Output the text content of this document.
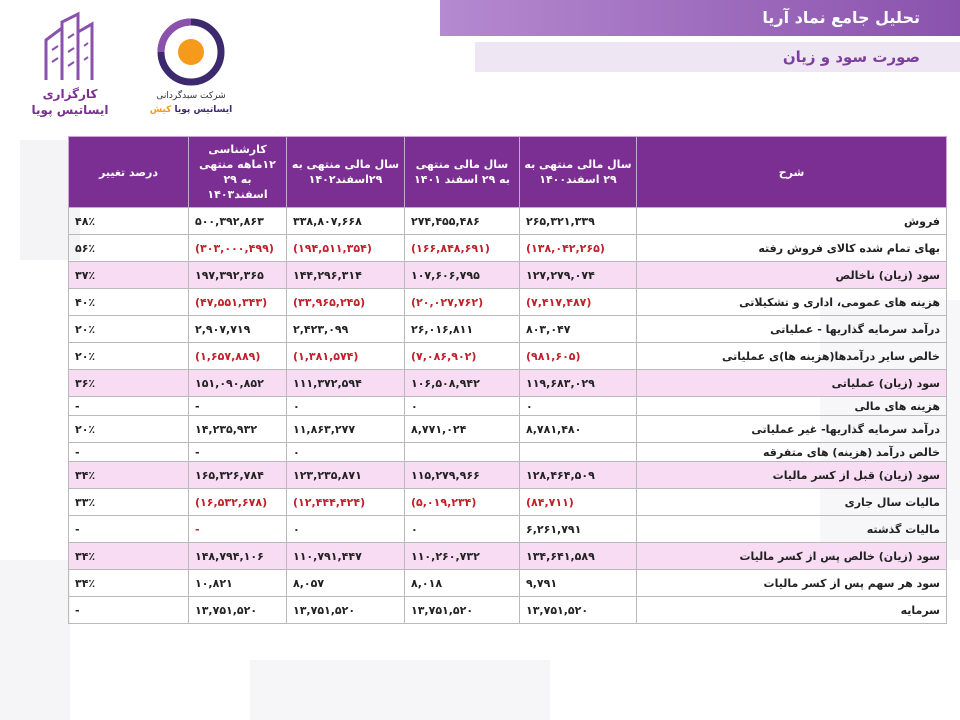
کارگزاری
ایساتیس پویا
شرکت سبدگردانی
ایساتیس پویا کیش
تحلیل جامع نماد آریا
صورت سود و زیان
شرح	سال مالی منتهی به ۲۹ اسفند۱۴۰۰	سال مالی منتهی به ۲۹ اسفند ۱۴۰۱	سال مالی منتهی به ۲۹اسفند۱۴۰۲	کارشناسی ۱۲ماهه منتهی به ۲۹ اسفند۱۴۰۳	درصد تغییر
فروش	۲۶۵,۳۲۱,۳۳۹	۲۷۴,۴۵۵,۴۸۶	۳۳۸,۸۰۷,۶۶۸	۵۰۰,۳۹۲,۸۶۳	۴۸٪
بهای تمام شده کالای فروش رفته	(۱۳۸,۰۴۲,۲۶۵)	(۱۶۶,۸۴۸,۶۹۱)	(۱۹۴,۵۱۱,۳۵۴)	(۳۰۳,۰۰۰,۴۹۹)	۵۶٪
سود (زیان) ناخالص	۱۲۷,۲۷۹,۰۷۴	۱۰۷,۶۰۶,۷۹۵	۱۴۴,۲۹۶,۳۱۴	۱۹۷,۳۹۲,۳۶۵	۳۷٪
هزینه های عمومی، اداری و تشکیلاتی	(۷,۴۱۷,۴۸۷)	(۲۰,۰۲۷,۷۶۲)	(۳۳,۹۶۵,۲۴۵)	(۴۷,۵۵۱,۳۴۳)	۴۰٪
درآمد سرمایه گذاریها - عملیاتی	۸۰۳,۰۴۷	۲۶,۰۱۶,۸۱۱	۲,۴۲۳,۰۹۹	۲,۹۰۷,۷۱۹	۲۰٪
خالص سایر درآمدها(هزینه ها)ی عملیاتی	(۹۸۱,۶۰۵)	(۷,۰۸۶,۹۰۲)	(۱,۳۸۱,۵۷۴)	(۱,۶۵۷,۸۸۹)	۲۰٪
سود (زیان) عملیاتی	۱۱۹,۶۸۳,۰۲۹	۱۰۶,۵۰۸,۹۴۲	۱۱۱,۳۷۲,۵۹۴	۱۵۱,۰۹۰,۸۵۲	۳۶٪
هزینه های مالی	۰	۰	۰	-	-
درآمد سرمایه گذاریها- غیر عملیاتی	۸,۷۸۱,۴۸۰	۸,۷۷۱,۰۲۴	۱۱,۸۶۳,۲۷۷	۱۴,۲۳۵,۹۳۲	۲۰٪
خالص درآمد (هزینه) های متفرقه			۰	-	-
سود (زیان) قبل از کسر مالیات	۱۲۸,۴۶۴,۵۰۹	۱۱۵,۲۷۹,۹۶۶	۱۲۳,۲۳۵,۸۷۱	۱۶۵,۳۲۶,۷۸۴	۳۴٪
مالیات سال جاری	(۸۴,۷۱۱)	(۵,۰۱۹,۲۳۴)	(۱۲,۴۴۴,۴۲۴)	(۱۶,۵۳۲,۶۷۸)	۳۳٪
مالیات گذشته	۶,۲۶۱,۷۹۱	۰	۰	-	-
سود (زیان) خالص پس از کسر مالیات	۱۳۴,۶۴۱,۵۸۹	۱۱۰,۲۶۰,۷۳۲	۱۱۰,۷۹۱,۴۴۷	۱۴۸,۷۹۴,۱۰۶	۳۴٪
سود هر سهم پس از کسر مالیات	۹,۷۹۱	۸,۰۱۸	۸,۰۵۷	۱۰,۸۲۱	۳۴٪
سرمایه	۱۳,۷۵۱,۵۲۰	۱۳,۷۵۱,۵۲۰	۱۳,۷۵۱,۵۲۰	۱۳,۷۵۱,۵۲۰	-
